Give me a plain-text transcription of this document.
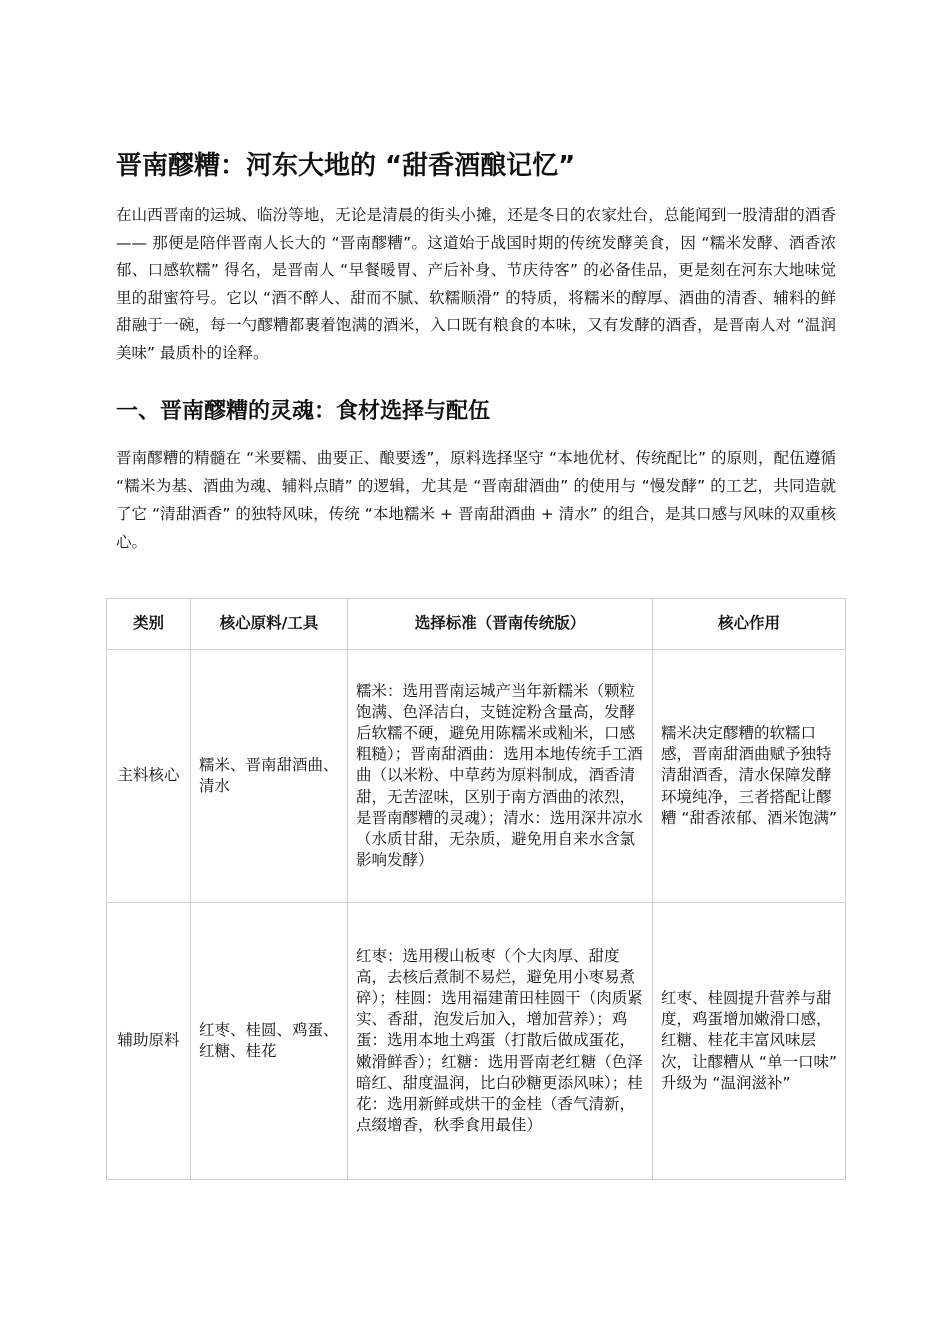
晋南醪糟：河东大地的 “甜香酒酿记忆”

在山西晋南的运城、临汾等地，无论是清晨的街头小摊，还是冬日的农家灶台，总能闻到一股清甜的酒香 —— 那便是陪伴晋南人长大的 “晋南醪糟”。这道始于战国时期的传统发酵美食，因 “糯米发酵、酒香浓郁、口感软糯” 得名，是晋南人 “早餐暖胃、产后补身、节庆待客” 的必备佳品，更是刻在河东大地味觉里的甜蜜符号。它以 “酒不醉人、甜而不腻、软糯顺滑” 的特质，将糯米的醇厚、酒曲的清香、辅料的鲜甜融于一碗，每一勺醪糟都裹着饱满的酒米，入口既有粮食的本味，又有发酵的酒香，是晋南人对 “温润美味” 最质朴的诠释。

一、晋南醪糟的灵魂：食材选择与配伍

晋南醪糟的精髓在 “米要糯、曲要正、酿要透”，原料选择坚守 “本地优材、传统配比” 的原则，配伍遵循 “糯米为基、酒曲为魂、辅料点睛” 的逻辑，尤其是 “晋南甜酒曲” 的使用与 “慢发酵” 的工艺，共同造就了它 “清甜酒香” 的独特风味，传统 “本地糯米 + 晋南甜酒曲 + 清水” 的组合，是其口感与风味的双重核心。

类别	核心原料/工具	选择标准（晋南传统版）	核心作用
主料核心	糯米、晋南甜酒曲、清水	糯米：选用晋南运城产当年新糯米（颗粒饱满、色泽洁白，支链淀粉含量高，发酵后软糯不硬，避免用陈糯米或籼米，口感粗糙）；晋南甜酒曲：选用本地传统手工酒曲（以米粉、中草药为原料制成，酒香清甜，无苦涩味，区别于南方酒曲的浓烈，是晋南醪糟的灵魂）；清水：选用深井凉水（水质甘甜，无杂质，避免用自来水含氯影响发酵）	糯米决定醪糟的软糯口感，晋南甜酒曲赋予独特清甜酒香，清水保障发酵环境纯净，三者搭配让醪糟 “甜香浓郁、酒米饱满”
辅助原料	红枣、桂圆、鸡蛋、红糖、桂花	红枣：选用稷山板枣（个大肉厚、甜度高，去核后煮制不易烂，避免用小枣易煮碎）；桂圆：选用福建莆田桂圆干（肉质紧实、香甜，泡发后加入，增加营养）；鸡蛋：选用本地土鸡蛋（打散后做成蛋花，嫩滑鲜香）；红糖：选用晋南老红糖（色泽暗红、甜度温润，比白砂糖更添风味）；桂花：选用新鲜或烘干的金桂（香气清新，点缀增香，秋季食用最佳）	红枣、桂圆提升营养与甜度，鸡蛋增加嫩滑口感，红糖、桂花丰富风味层次，让醪糟从 “单一口味” 升级为 “温润滋补”
